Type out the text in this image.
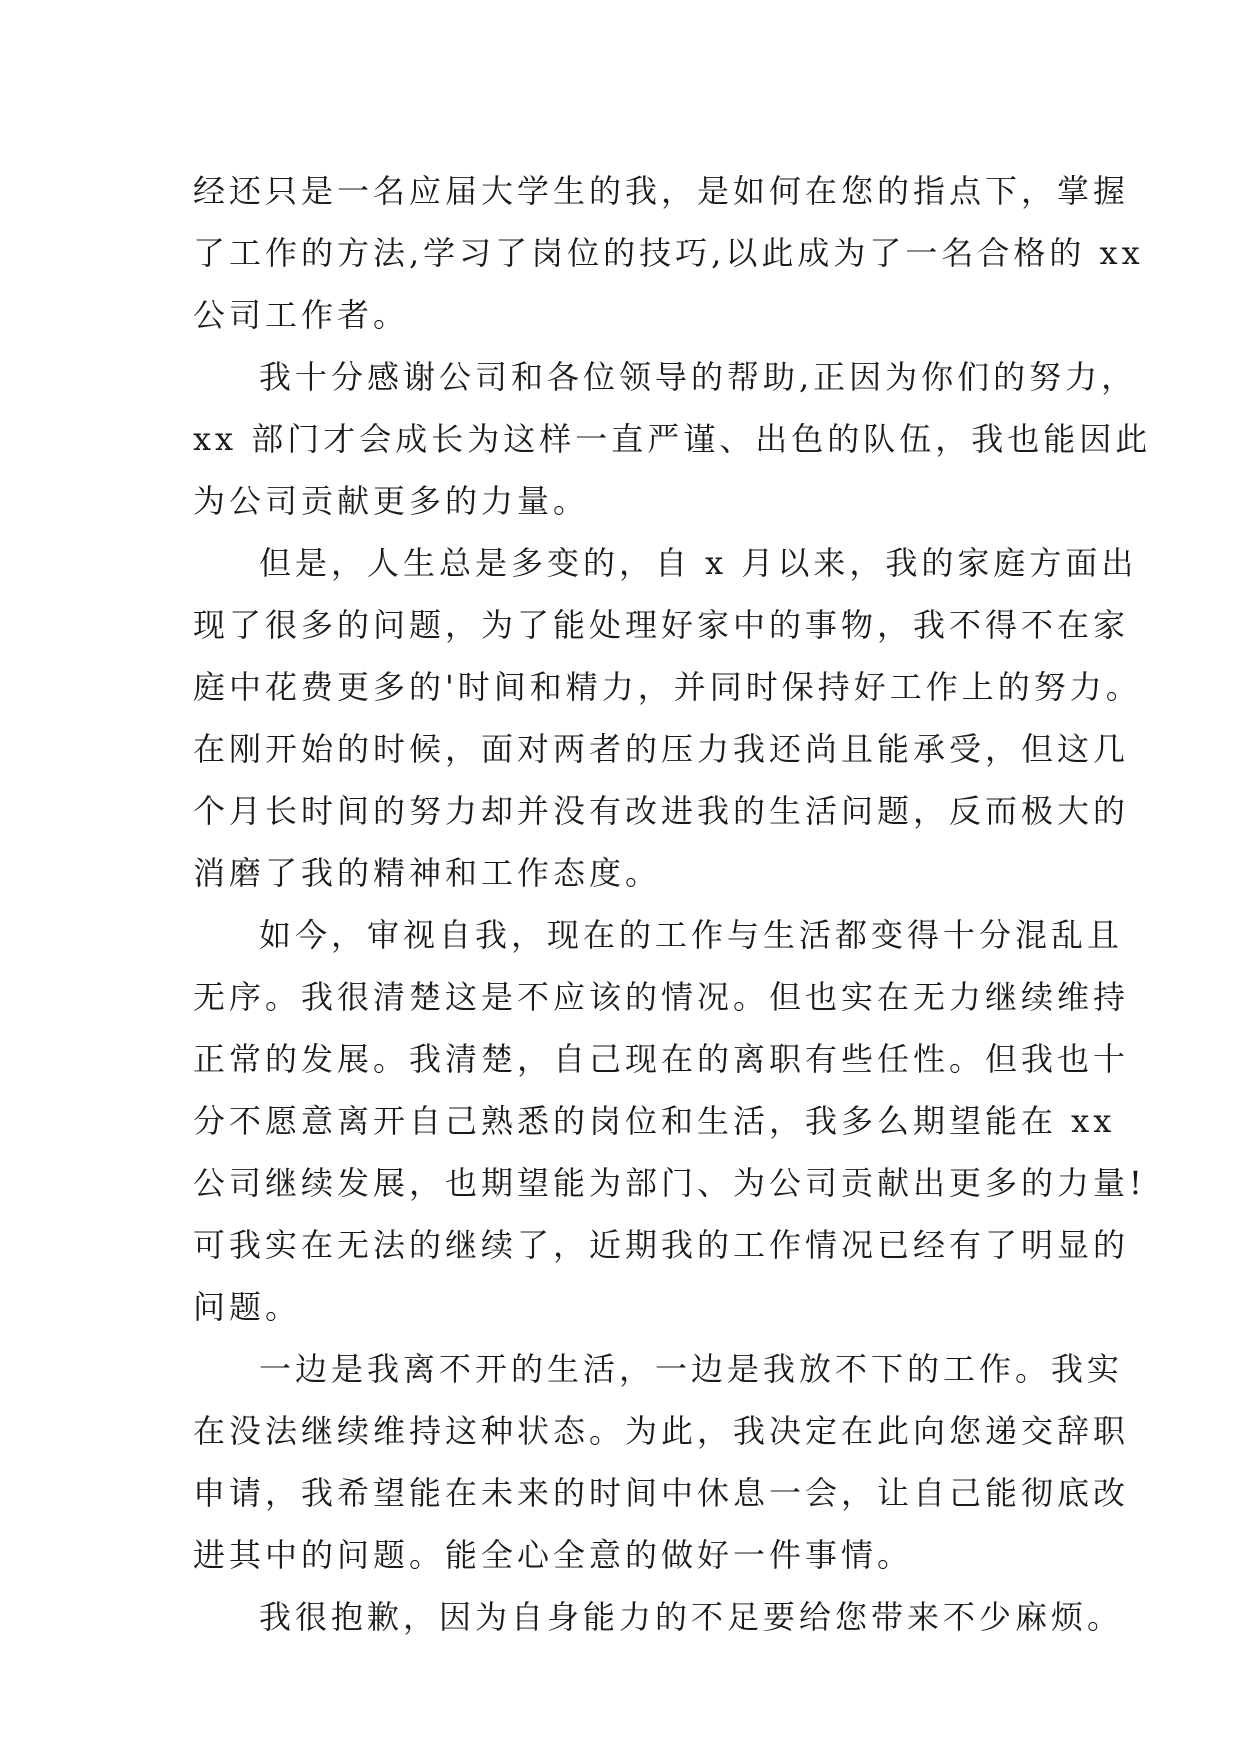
经还只是一名应届大学生的我，是如何在您的指点下，掌握
了工作的方法,学习了岗位的技巧,以此成为了一名合格的 xx
公司工作者。
我十分感谢公司和各位领导的帮助,正因为你们的努力，
xx 部门才会成长为这样一直严谨、出色的队伍，我也能因此
为公司贡献更多的力量。
但是，人生总是多变的，自 x 月以来，我的家庭方面出
现了很多的问题，为了能处理好家中的事物，我不得不在家
庭中花费更多的'时间和精力，并同时保持好工作上的努力。
在刚开始的时候，面对两者的压力我还尚且能承受，但这几
个月长时间的努力却并没有改进我的生活问题，反而极大的
消磨了我的精神和工作态度。
如今，审视自我，现在的工作与生活都变得十分混乱且
无序。我很清楚这是不应该的情况。但也实在无力继续维持
正常的发展。我清楚，自己现在的离职有些任性。但我也十
分不愿意离开自己熟悉的岗位和生活，我多么期望能在 xx
公司继续发展，也期望能为部门、为公司贡献出更多的力量!
可我实在无法的继续了，近期我的工作情况已经有了明显的
问题。
一边是我离不开的生活，一边是我放不下的工作。我实
在没法继续维持这种状态。为此，我决定在此向您递交辞职
申请，我希望能在未来的时间中休息一会，让自己能彻底改
进其中的问题。能全心全意的做好一件事情。
我很抱歉，因为自身能力的不足要给您带来不少麻烦。
